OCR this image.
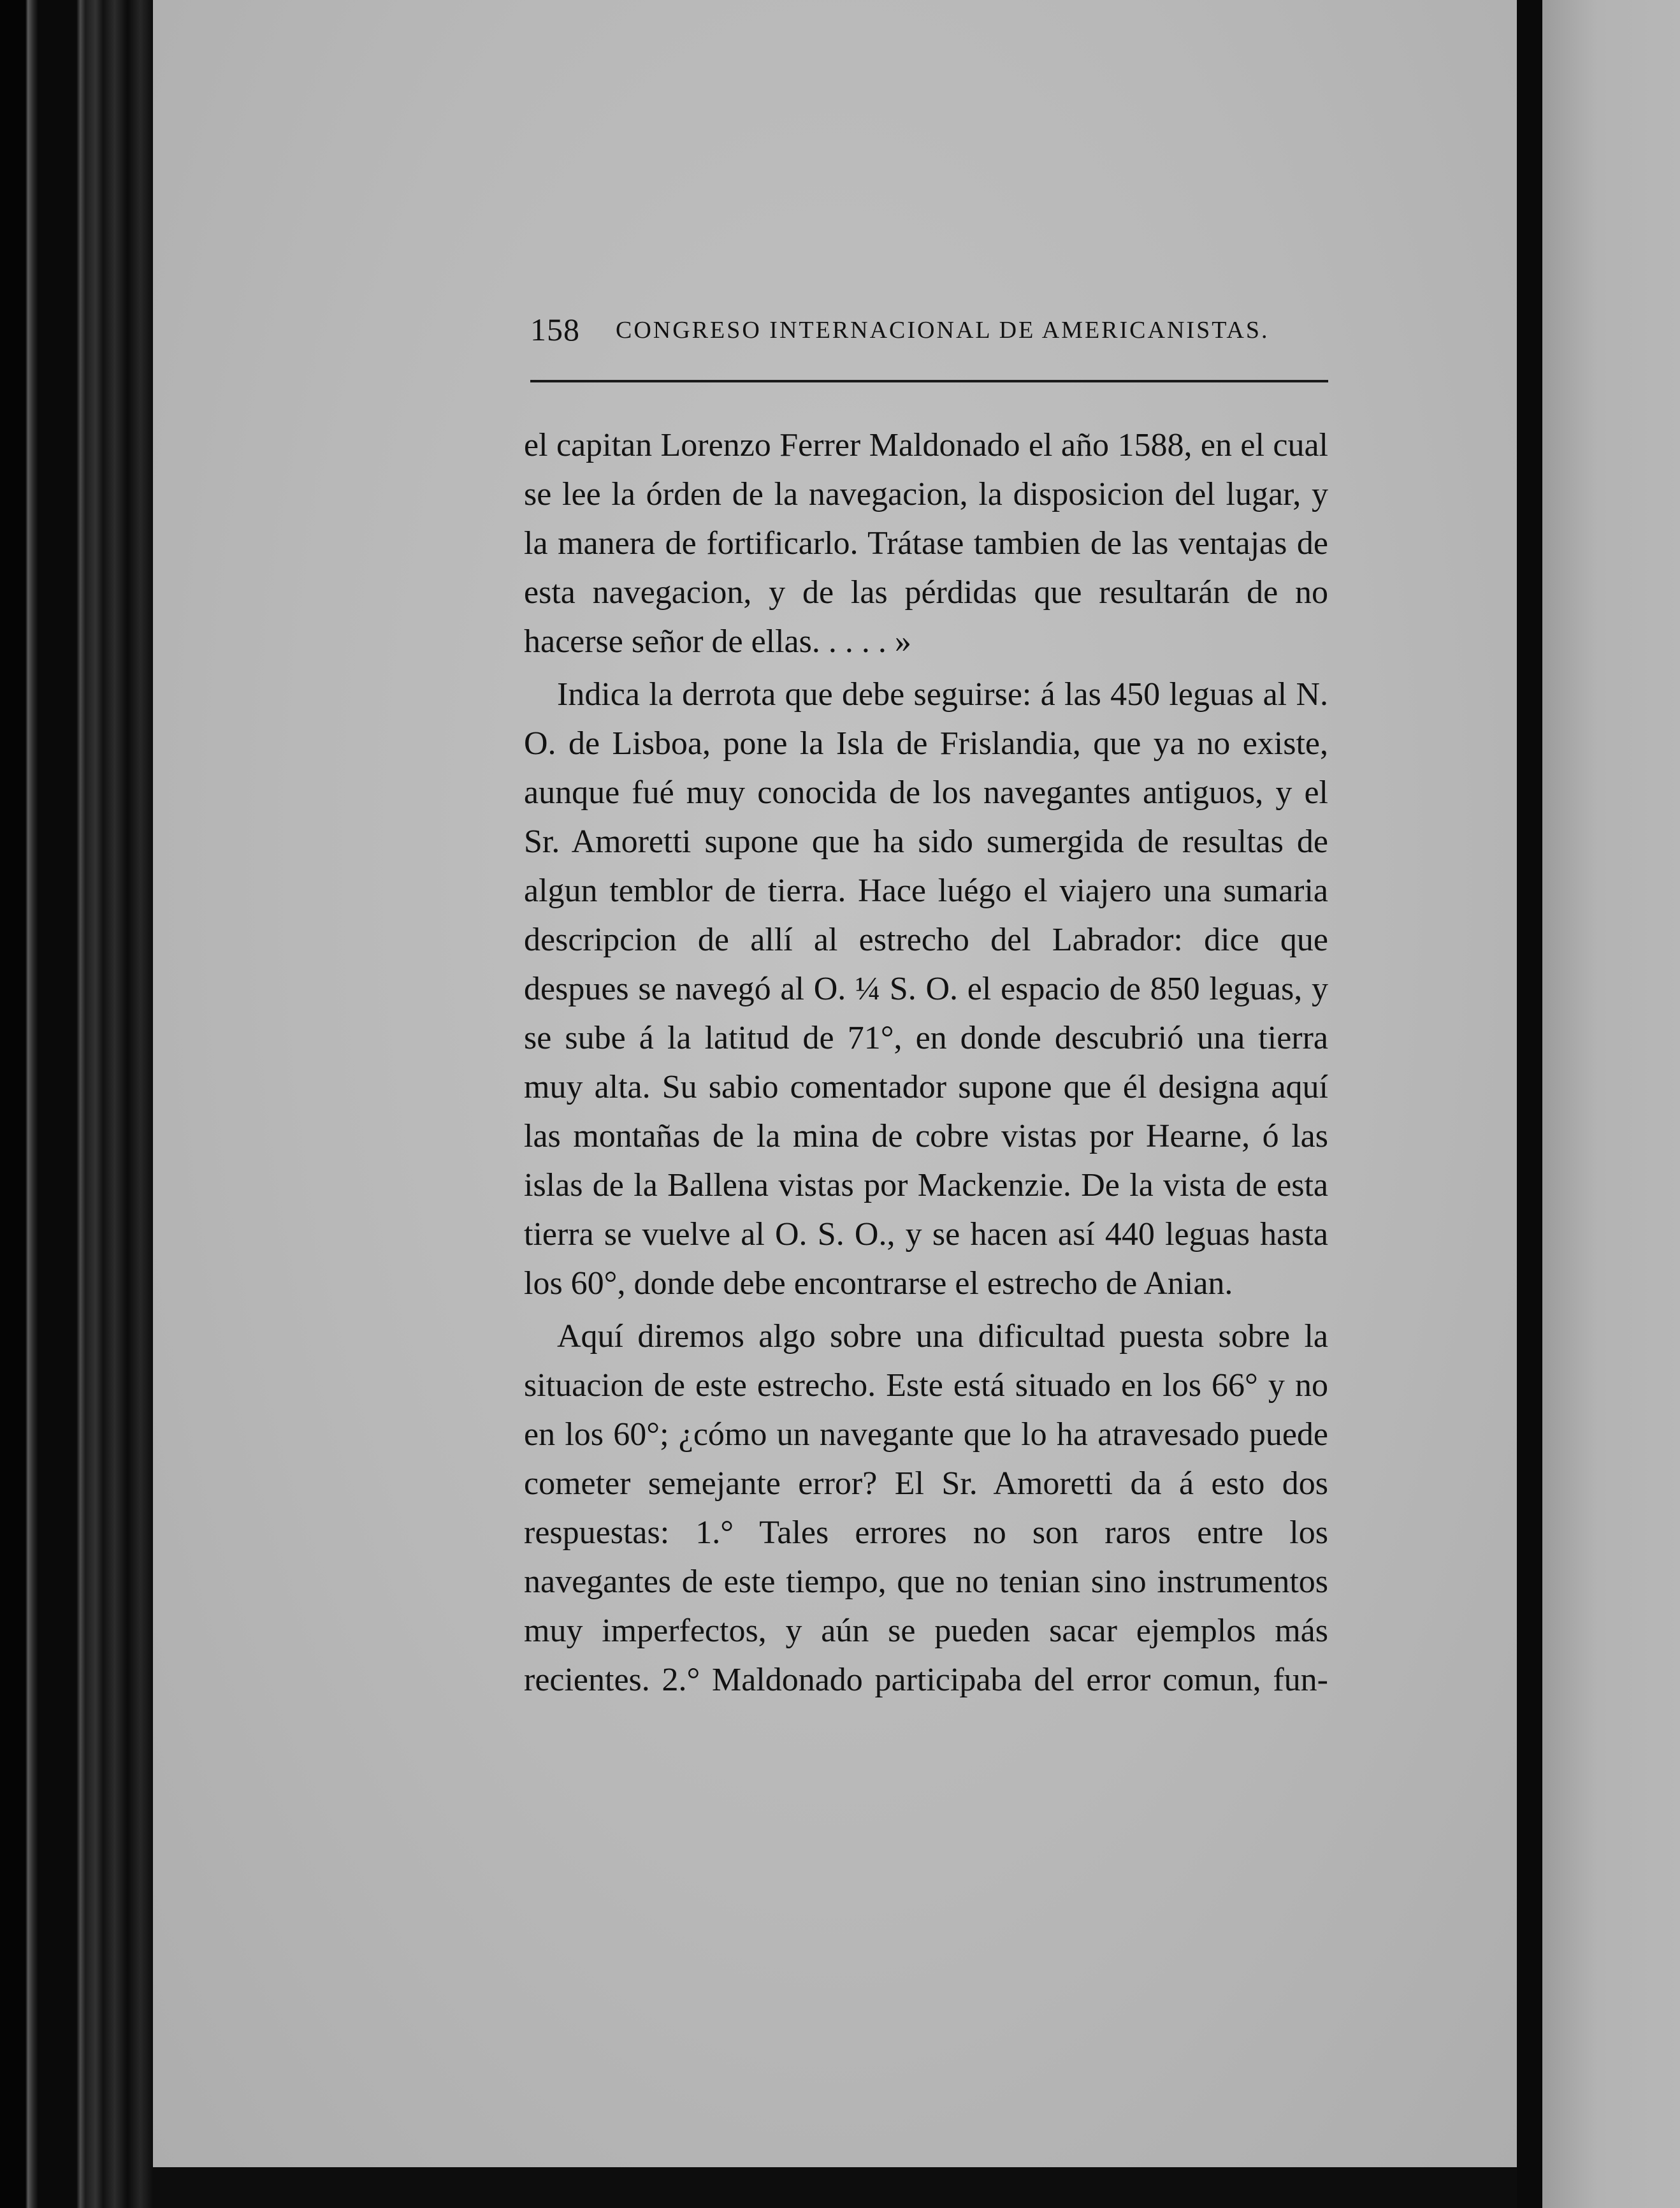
158 CONGRESO INTERNACIONAL DE AMERICANISTAS.

el capitan Lorenzo Ferrer Maldonado el año 1588, en el cual se lee la órden de la navegacion, la disposicion del lugar, y la manera de fortificarlo. Trátase tambien de las ventajas de esta navegacion, y de las pérdidas que resultarán de no hacerse señor de ellas. . . . . »

Indica la derrota que debe seguirse: á las 450 leguas al N. O. de Lisboa, pone la Isla de Frislandia, que ya no existe, aunque fué muy conocida de los navegantes antiguos, y el Sr. Amoretti supone que ha sido sumergida de resultas de algun temblor de tierra. Hace luégo el viajero una sumaria descripcion de allí al estrecho del Labrador: dice que despues se navegó al O. ¼ S. O. el espacio de 850 leguas, y se sube á la latitud de 71°, en donde descubrió una tierra muy alta. Su sabio comentador supone que él designa aquí las montañas de la mina de cobre vistas por Hearne, ó las islas de la Ballena vistas por Mackenzie. De la vista de esta tierra se vuelve al O. S. O., y se hacen así 440 leguas hasta los 60°, donde debe encontrarse el estrecho de Anian.

Aquí diremos algo sobre una dificultad puesta sobre la situacion de este estrecho. Este está situado en los 66° y no en los 60°; ¿cómo un navegante que lo ha atravesado puede cometer semejante error? El Sr. Amoretti da á esto dos respuestas: 1.° Tales errores no son raros entre los navegantes de este tiempo, que no tenian sino instrumentos muy imperfectos, y aún se pueden sacar ejemplos más recientes. 2.° Maldonado participaba del error comun, fun-
